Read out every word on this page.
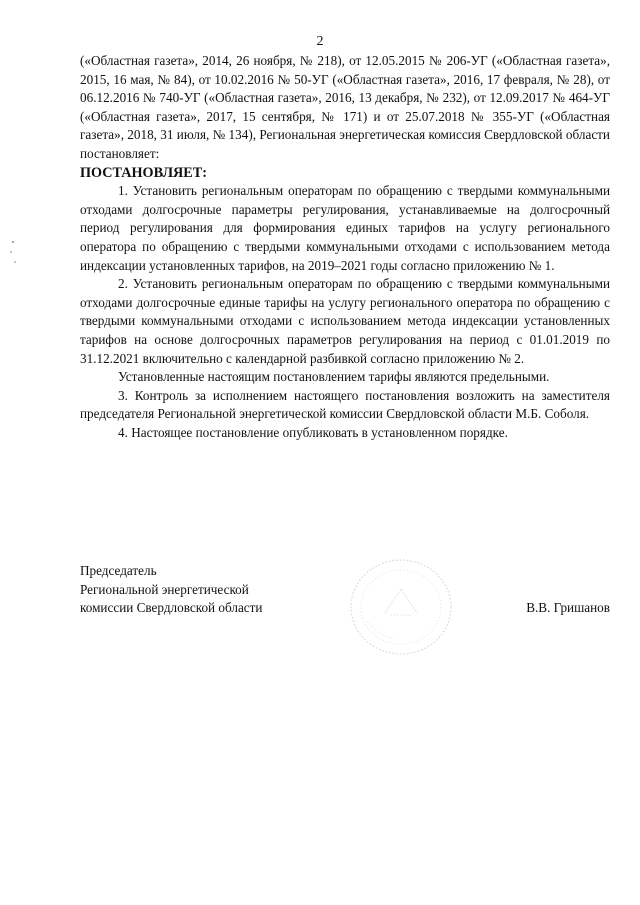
2

(«Областная газета», 2014, 26 ноября, № 218), от 12.05.2015 № 206-УГ («Областная газета», 2015, 16 мая, № 84), от 10.02.2016 № 50-УГ («Областная газета», 2016, 17 февраля, № 28), от 06.12.2016 № 740-УГ («Областная газета», 2016, 13 декабря, № 232), от 12.09.2017 № 464-УГ («Областная газета», 2017, 15 сентября, № 171) и от 25.07.2018 № 355-УГ («Областная газета», 2018, 31 июля, № 134), Региональная энергетическая комиссия Свердловской области постановляет:

ПОСТАНОВЛЯЕТ:

1. Установить региональным операторам по обращению с твердыми коммунальными отходами долгосрочные параметры регулирования, устанавливаемые на долгосрочный период регулирования для формирования единых тарифов на услугу регионального оператора по обращению с твердыми коммунальными отходами с использованием метода индексации установленных тарифов, на 2019–2021 годы согласно приложению № 1.

2. Установить региональным операторам по обращению с твердыми коммунальными отходами долгосрочные единые тарифы на услугу регионального оператора по обращению с твердыми коммунальными отходами с использованием метода индексации установленных тарифов на основе долгосрочных параметров регулирования на период с 01.01.2019 по 31.12.2021 включительно с календарной разбивкой согласно приложению № 2.

Установленные настоящим постановлением тарифы являются предельными.

3. Контроль за исполнением настоящего постановления возложить на заместителя председателя Региональной энергетической комиссии Свердловской области М.Б. Соболя.

4. Настоящее постановление опубликовать в установленном порядке.

Председатель
Региональной энергетической
комиссии Свердловской области	В.В. Гришанов
